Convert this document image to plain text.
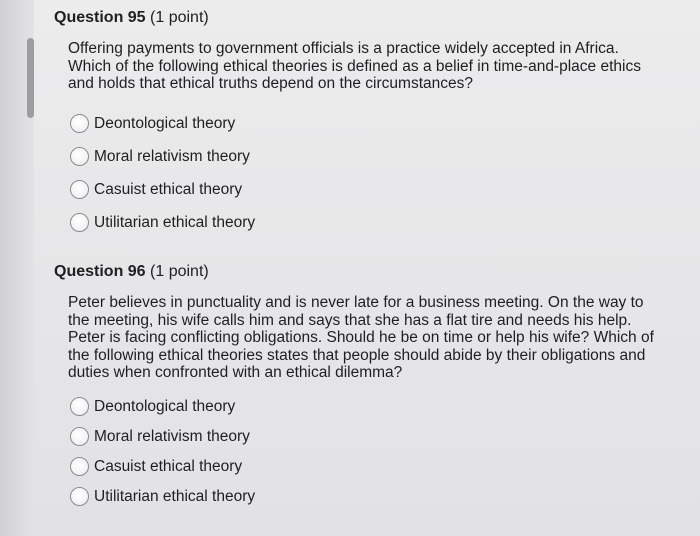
Question 95 (1 point)
Offering payments to government officials is a practice widely accepted in Africa. Which of the following ethical theories is defined as a belief in time-and-place ethics and holds that ethical truths depend on the circumstances?
Deontological theory
Moral relativism theory
Casuist ethical theory
Utilitarian ethical theory
Question 96 (1 point)
Peter believes in punctuality and is never late for a business meeting. On the way to the meeting, his wife calls him and says that she has a flat tire and needs his help. Peter is facing conflicting obligations. Should he be on time or help his wife? Which of the following ethical theories states that people should abide by their obligations and duties when confronted with an ethical dilemma?
Deontological theory
Moral relativism theory
Casuist ethical theory
Utilitarian ethical theory
